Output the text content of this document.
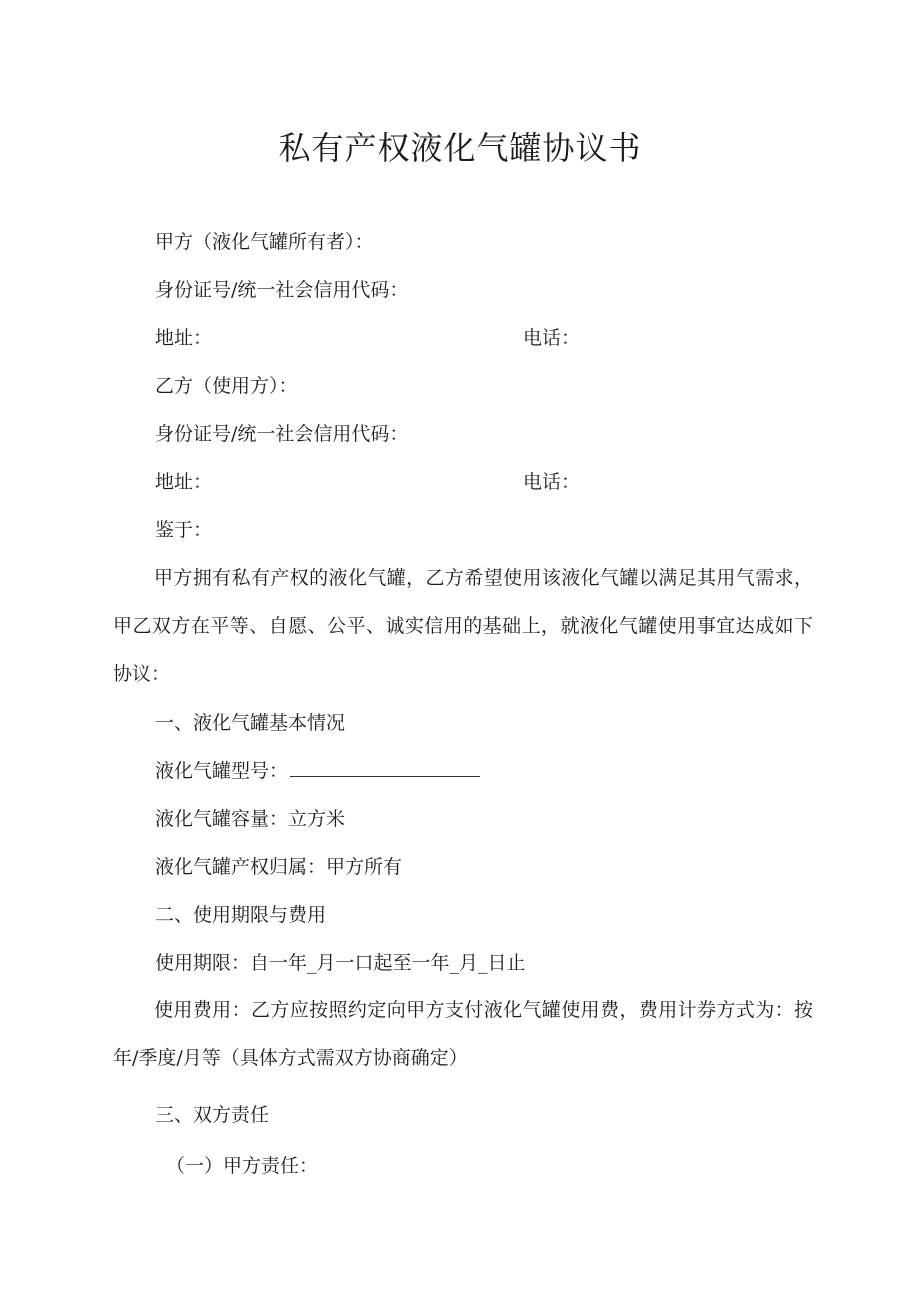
私有产权液化气罐协议书
甲方（液化气罐所有者）：
身份证号/统一社会信用代码：
地址：	电话：
乙方（使用方）：
身份证号/统一社会信用代码：
地址：	电话：
鉴于：
甲方拥有私有产权的液化气罐，乙方希望使用该液化气罐以满足其用气需求，甲乙双方在平等、自愿、公平、诚实信用的基础上，就液化气罐使用事宜达成如下协议：
一、液化气罐基本情况
液化气罐型号：
液化气罐容量：立方米
液化气罐产权归属：甲方所有
二、使用期限与费用
使用期限：自一年_月一口起至一年_月_日止
使用费用：乙方应按照约定向甲方支付液化气罐使用费，费用计券方式为：按年/季度/月等（具体方式需双方协商确定）
三、双方责任
（一）甲方责任：
